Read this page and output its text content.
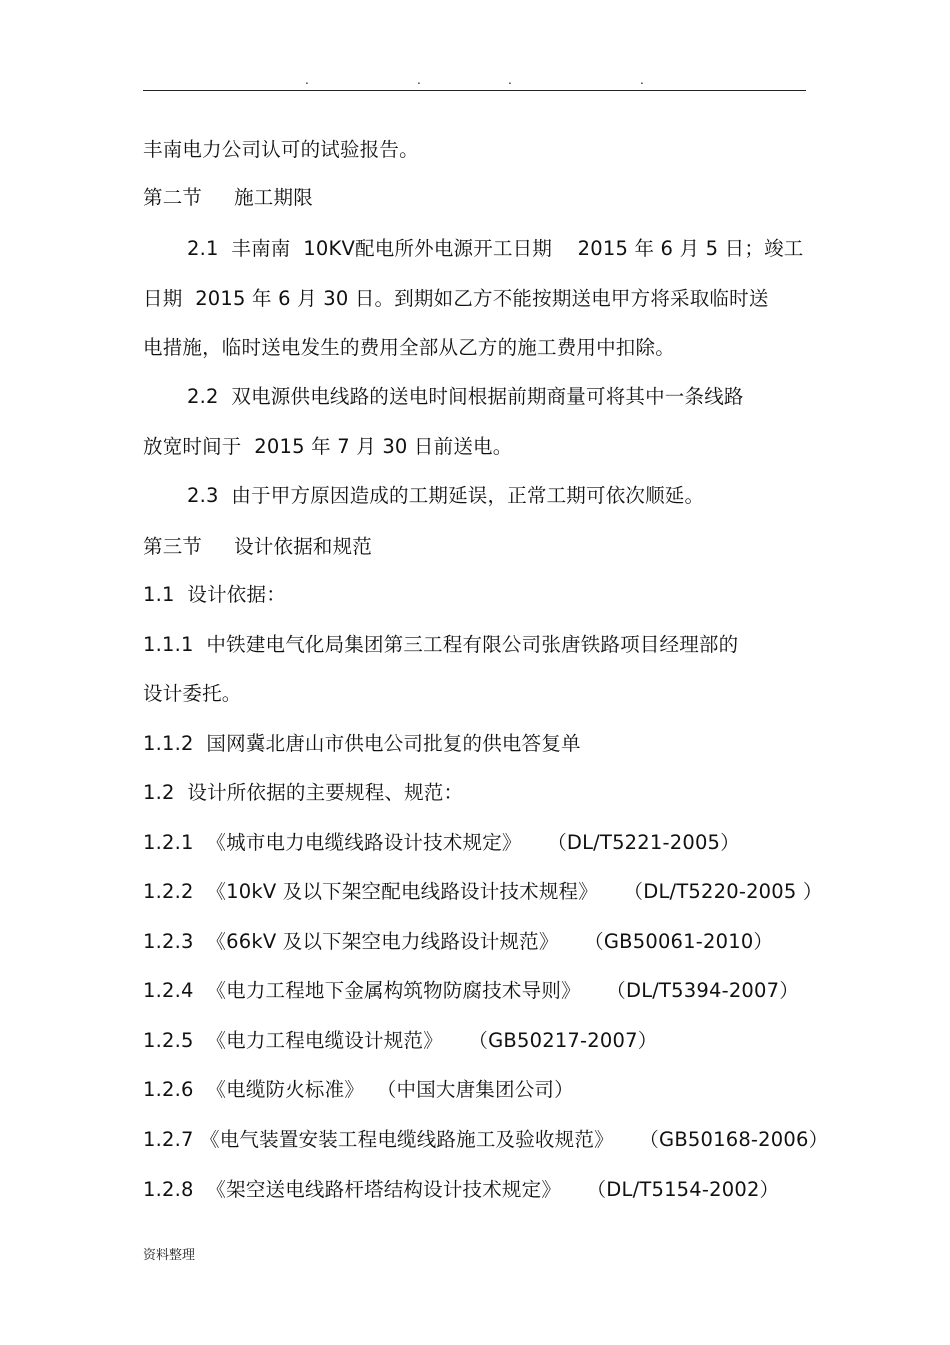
.	.	.	.
丰南电力公司认可的试验报告。
第二节     施工期限
2.1  丰南南  10KV配电所外电源开工日期    2015 年 6 月 5 日；竣工
日期  2015 年 6 月 30 日。到期如乙方不能按期送电甲方将采取临时送
电措施，临时送电发生的费用全部从乙方的施工费用中扣除。
2.2  双电源供电线路的送电时间根据前期商量可将其中一条线路
放宽时间于  2015 年 7 月 30 日前送电。
2.3  由于甲方原因造成的工期延误，正常工期可依次顺延。
第三节     设计依据和规范
1.1  设计依据：
1.1.1  中铁建电气化局集团第三工程有限公司张唐铁路项目经理部的
设计委托。
1.1.2  国网冀北唐山市供电公司批复的供电答复单
1.2  设计所依据的主要规程、规范：
1.2.1  《城市电力电缆线路设计技术规定》    （DL/T5221-2005）
1.2.2  《10kV 及以下架空配电线路设计技术规程》    （DL/T5220-2005 ）
1.2.3  《66kV 及以下架空电力线路设计规范》    （GB50061-2010）
1.2.4  《电力工程地下金属构筑物防腐技术导则》    （DL/T5394-2007）
1.2.5  《电力工程电缆设计规范》    （GB50217-2007）
1.2.6  《电缆防火标准》  （中国大唐集团公司）
1.2.7 《电气装置安装工程电缆线路施工及验收规范》    （GB50168-2006）
1.2.8  《架空送电线路杆塔结构设计技术规定》    （DL/T5154-2002）
资料整理
